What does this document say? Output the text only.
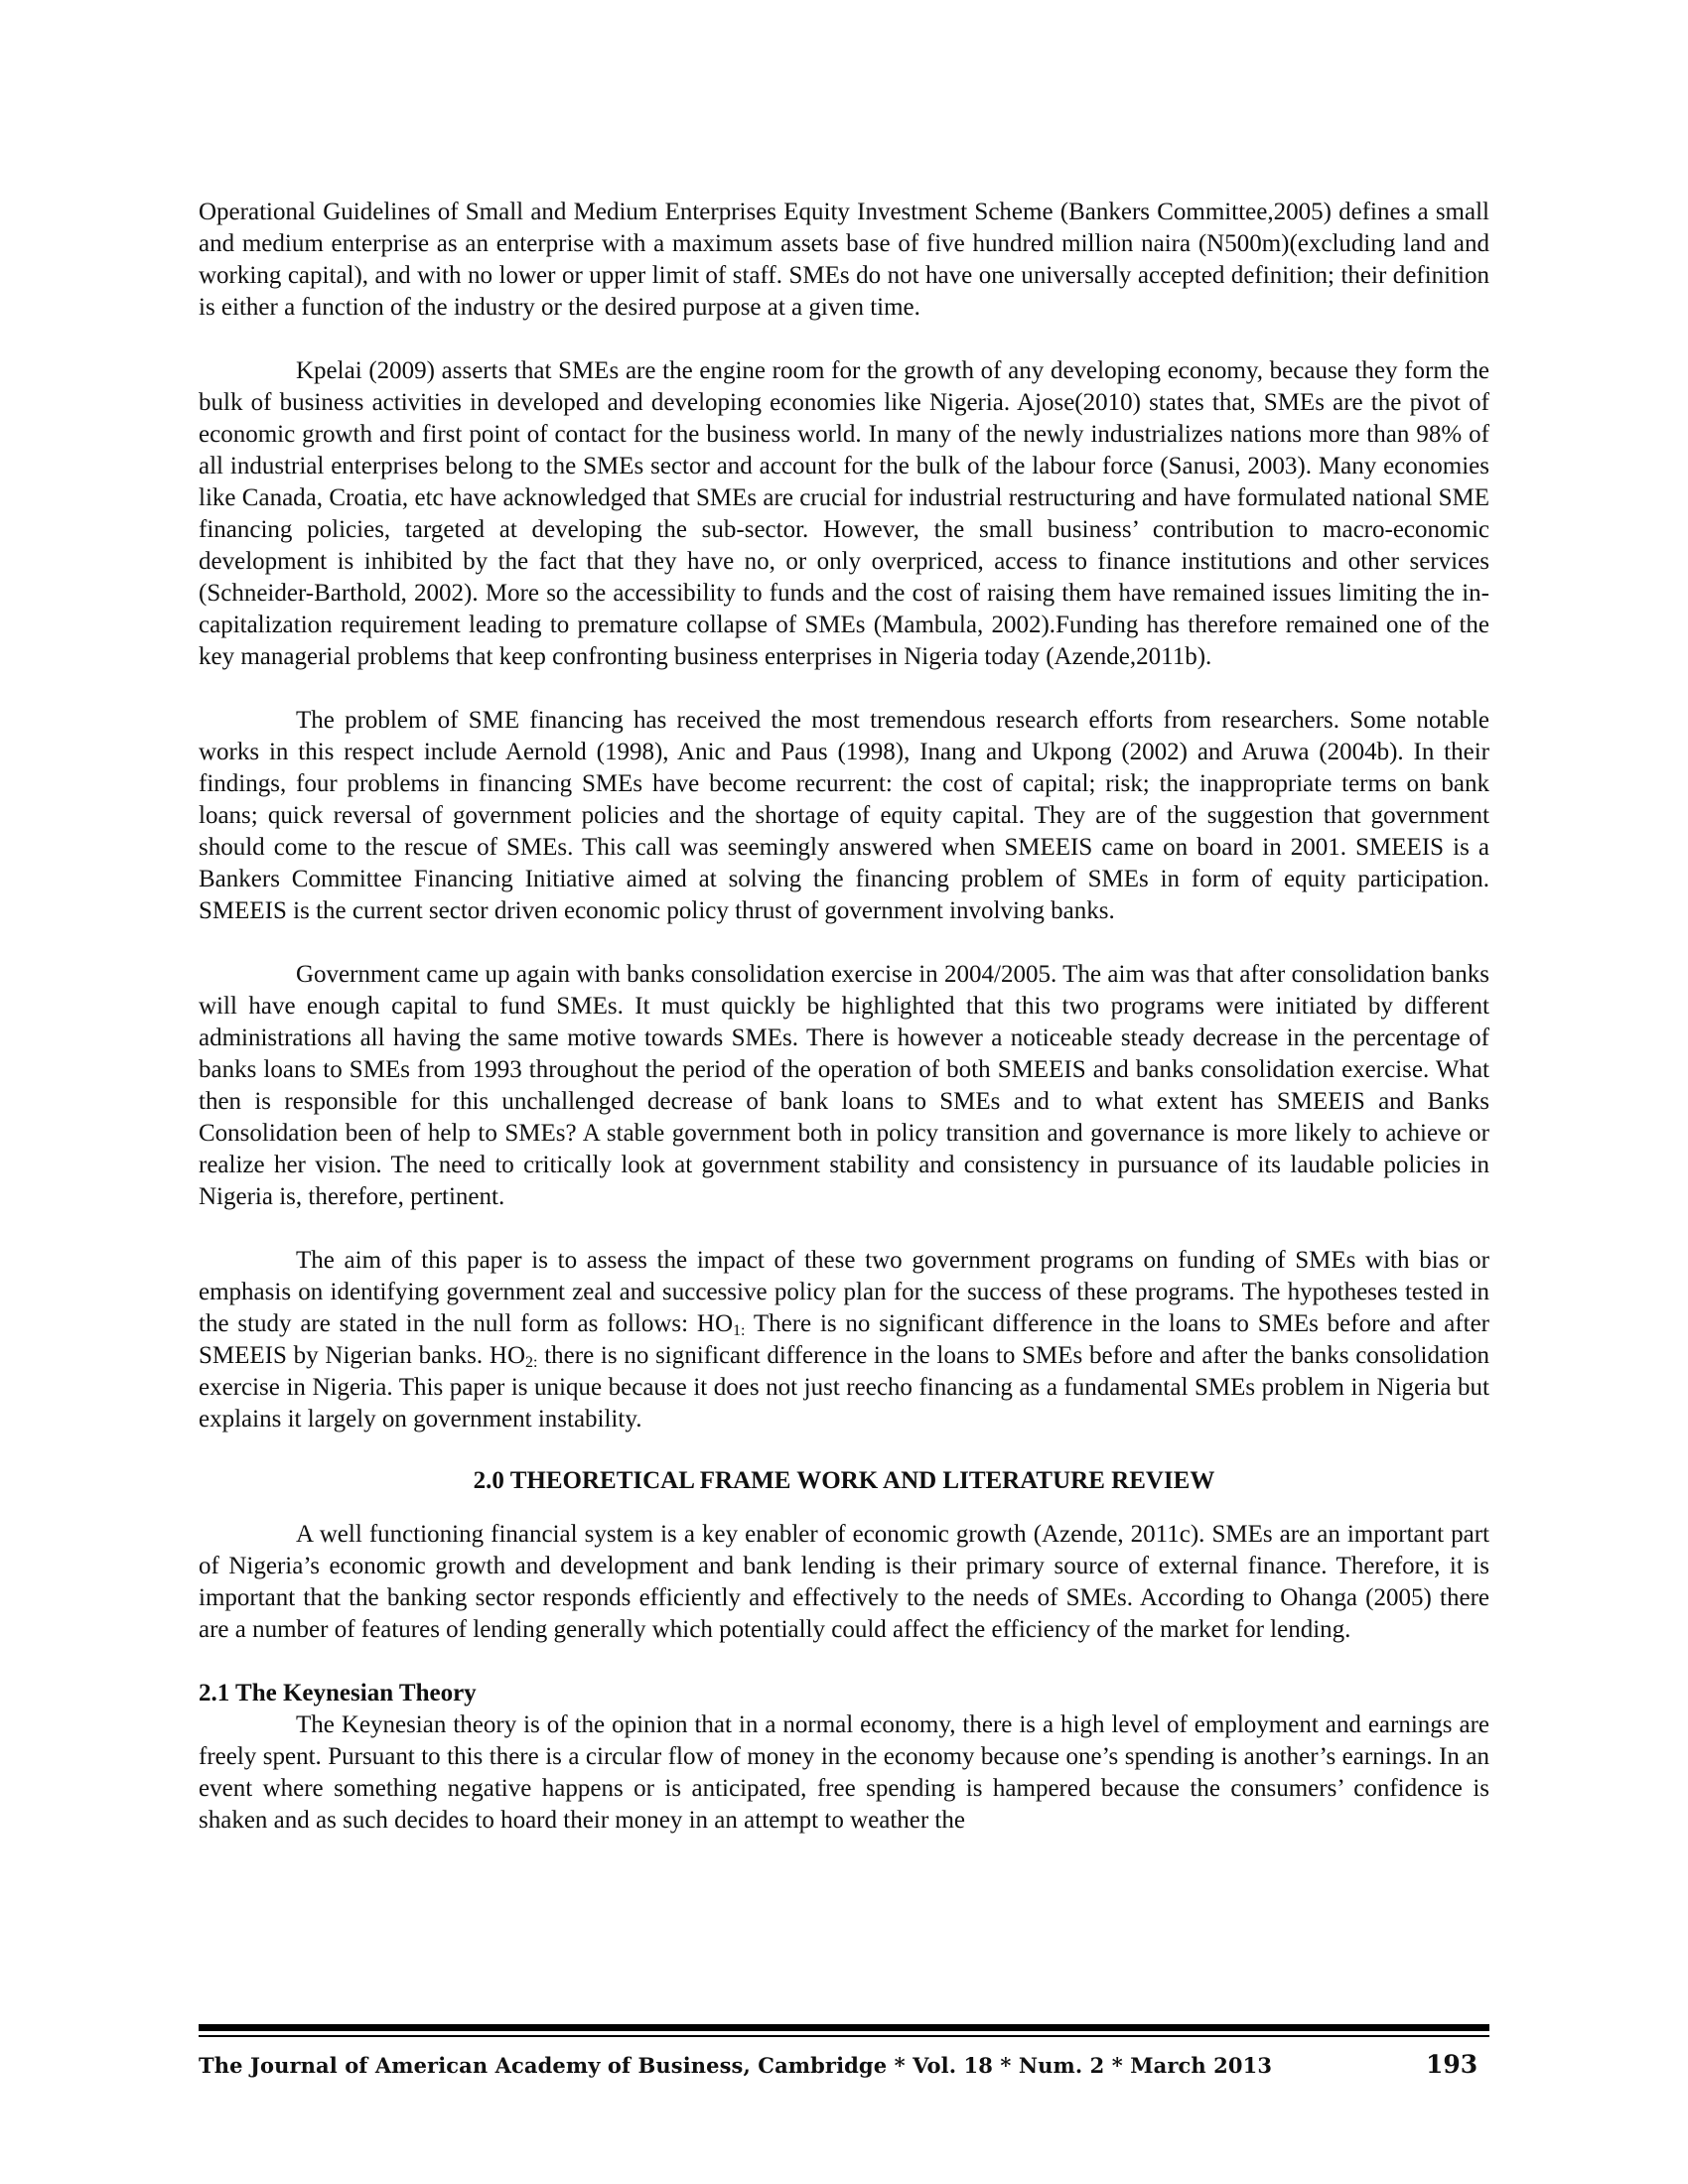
Operational Guidelines of Small and Medium Enterprises Equity Investment Scheme (Bankers Committee,2005) defines a small and medium enterprise as an enterprise with a maximum assets base of five hundred million naira (N500m)(excluding land and working capital), and with no lower or upper limit of staff. SMEs do not have one universally accepted definition; their definition is either a function of the industry or the desired purpose at a given time.

Kpelai (2009) asserts that SMEs are the engine room for the growth of any developing economy, because they form the bulk of business activities in developed and developing economies like Nigeria. Ajose(2010) states that, SMEs are the pivot of economic growth and first point of contact for the business world. In many of the newly industrializes nations more than 98% of all industrial enterprises belong to the SMEs sector and account for the bulk of the labour force (Sanusi, 2003). Many economies like Canada, Croatia, etc have acknowledged that SMEs are crucial for industrial restructuring and have formulated national SME financing policies, targeted at developing the sub-sector. However, the small business’ contribution to macro-economic development is inhibited by the fact that they have no, or only overpriced, access to finance institutions and other services (Schneider-Barthold, 2002). More so the accessibility to funds and the cost of raising them have remained issues limiting the in-capitalization requirement leading to premature collapse of SMEs (Mambula, 2002).Funding has therefore remained one of the key managerial problems that keep confronting business enterprises in Nigeria today (Azende,2011b).

The problem of SME financing has received the most tremendous research efforts from researchers. Some notable works in this respect include Aernold (1998), Anic and Paus (1998), Inang and Ukpong (2002) and Aruwa (2004b). In their findings, four problems in financing SMEs have become recurrent: the cost of capital; risk; the inappropriate terms on bank loans; quick reversal of government policies and the shortage of equity capital. They are of the suggestion that government should come to the rescue of SMEs. This call was seemingly answered when SMEEIS came on board in 2001. SMEEIS is a Bankers Committee Financing Initiative aimed at solving the financing problem of SMEs in form of equity participation. SMEEIS is the current sector driven economic policy thrust of government involving banks.

Government came up again with banks consolidation exercise in 2004/2005. The aim was that after consolidation banks will have enough capital to fund SMEs. It must quickly be highlighted that this two programs were initiated by different administrations all having the same motive towards SMEs. There is however a noticeable steady decrease in the percentage of banks loans to SMEs from 1993 throughout the period of the operation of both SMEEIS and banks consolidation exercise. What then is responsible for this unchallenged decrease of bank loans to SMEs and to what extent has SMEEIS and Banks Consolidation been of help to SMEs? A stable government both in policy transition and governance is more likely to achieve or realize her vision. The need to critically look at government stability and consistency in pursuance of its laudable policies in Nigeria is, therefore, pertinent.

The aim of this paper is to assess the impact of these two government programs on funding of SMEs with bias or emphasis on identifying government zeal and successive policy plan for the success of these programs. The hypotheses tested in the study are stated in the null form as follows: $HO_{1:}$ There is no significant difference in the loans to SMEs before and after SMEEIS by Nigerian banks. $HO_{2:}$ there is no significant difference in the loans to SMEs before and after the banks consolidation exercise in Nigeria. This paper is unique because it does not just reecho financing as a fundamental SMEs problem in Nigeria but explains it largely on government instability.

2.0 THEORETICAL FRAME WORK AND LITERATURE REVIEW

A well functioning financial system is a key enabler of economic growth (Azende, 2011c). SMEs are an important part of Nigeria’s economic growth and development and bank lending is their primary source of external finance. Therefore, it is important that the banking sector responds efficiently and effectively to the needs of SMEs. According to Ohanga (2005) there are a number of features of lending generally which potentially could affect the efficiency of the market for lending.

2.1 The Keynesian Theory

The Keynesian theory is of the opinion that in a normal economy, there is a high level of employment and earnings are freely spent. Pursuant to this there is a circular flow of money in the economy because one’s spending is another’s earnings. In an event where something negative happens or is anticipated, free spending is hampered because the consumers’ confidence is shaken and as such decides to hoard their money in an attempt to weather the

The Journal of American Academy of Business, Cambridge * Vol. 18 * Num. 2 * March 2013	193
